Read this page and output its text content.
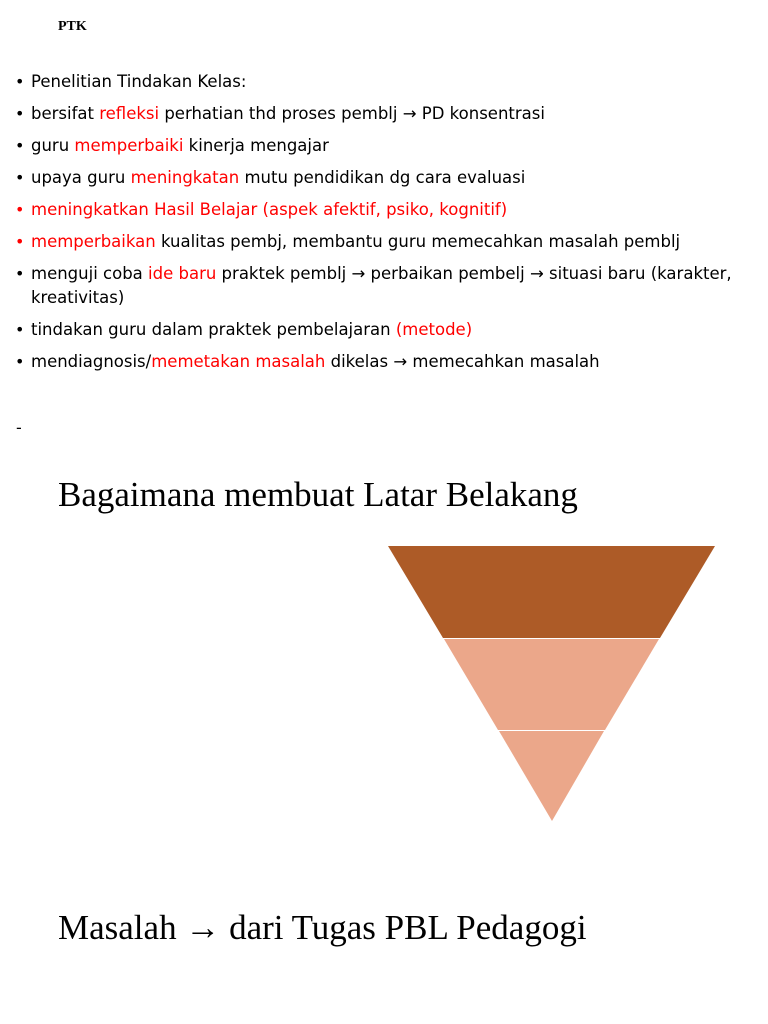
PTK
• Penelitian Tindakan Kelas:
• bersifat refleksi perhatian thd proses pemblj → PD konsentrasi
• guru memperbaiki kinerja mengajar
• upaya guru meningkatan mutu pendidikan dg cara evaluasi
• meningkatkan Hasil Belajar (aspek afektif, psiko, kognitif)
• memperbaikan kualitas pembj, membantu guru memecahkan masalah pemblj
• menguji coba ide baru praktek pemblj → perbaikan pembelj → situasi baru (karakter, kreativitas)
• tindakan guru dalam praktek pembelajaran (metode)
• mendiagnosis/memetakan masalah dikelas → memecahkan masalah
-
Bagaimana membuat Latar Belakang
Masalah → dari Tugas PBL Pedagogi
